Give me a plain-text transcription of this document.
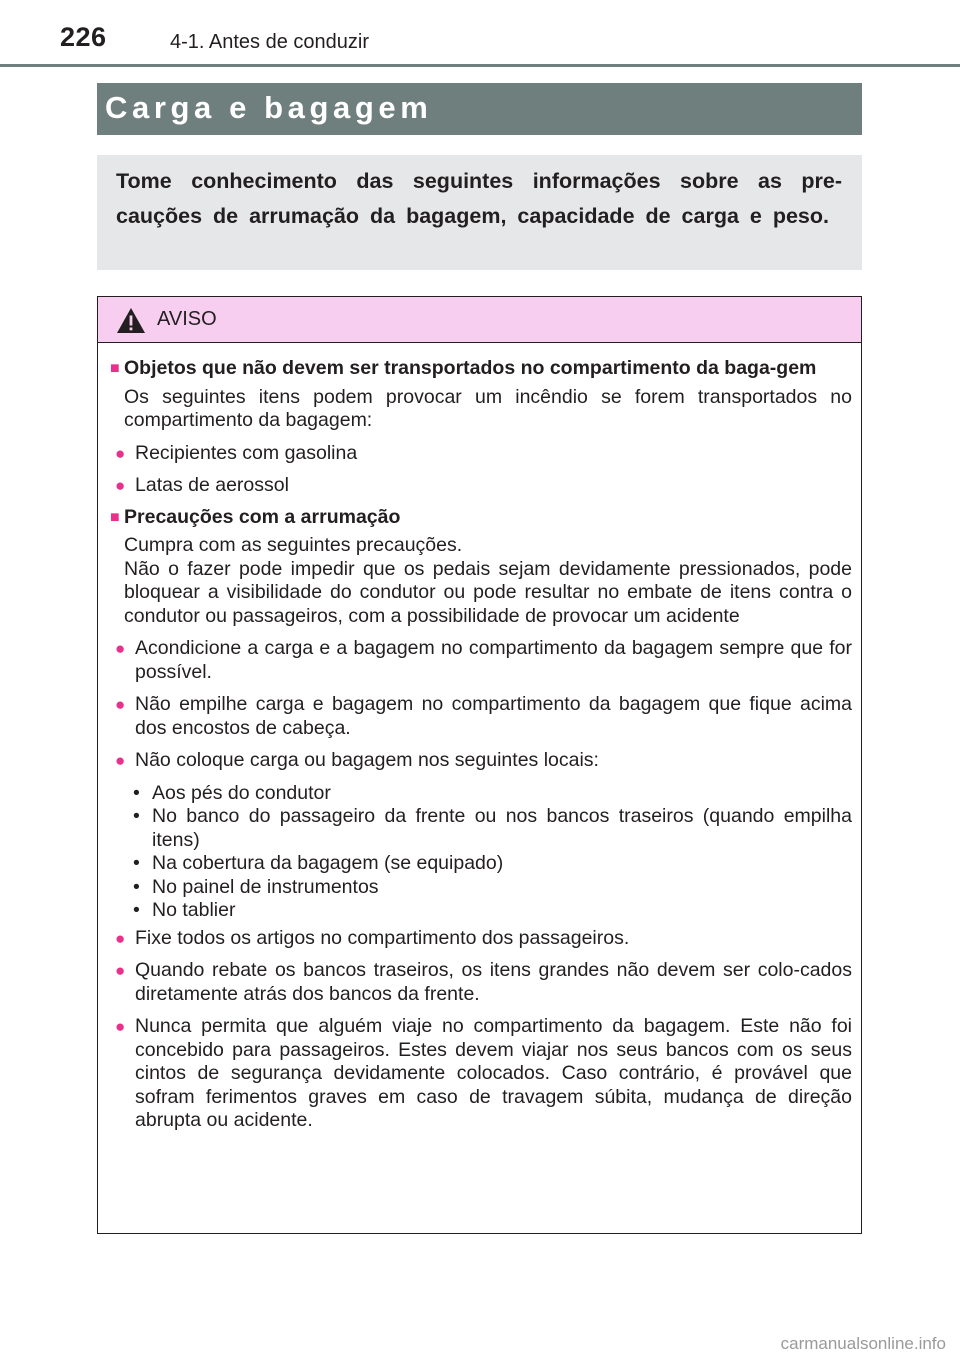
226	4-1. Antes de conduzir
Carga e bagagem
Tome conhecimento das seguintes informações sobre as pre-cauções de arrumação da bagagem, capacidade de carga e peso.
AVISO
■ Objetos que não devem ser transportados no compartimento da baga-gem
Os seguintes itens podem provocar um incêndio se forem transportados no compartimento da bagagem:
● Recipientes com gasolina
● Latas de aerossol
■ Precauções com a arrumação

Cumpra com as seguintes precauções.

Não o fazer pode impedir que os pedais sejam devidamente pressionados, pode bloquear a visibilidade do condutor ou pode resultar no embate de itens contra o condutor ou passageiros, com a possibilidade de provocar um acidente

● Acondicione a carga e a bagagem no compartimento da bagagem sempre que for possível.
● Não empilhe carga e bagagem no compartimento da bagagem que fique acima dos encostos de cabeça.
● Não coloque carga ou bagagem nos seguintes locais:
• Aos pés do condutor
• No banco do passageiro da frente ou nos bancos traseiros (quando empilha itens)
• Na cobertura da bagagem (se equipado)
• No painel de instrumentos
• No tablier
● Fixe todos os artigos no compartimento dos passageiros.
● Quando rebate os bancos traseiros, os itens grandes não devem ser colo-cados diretamente atrás dos bancos da frente.
● Nunca permita que alguém viaje no compartimento da bagagem. Este não foi concebido para passageiros. Estes devem viajar nos seus bancos com os seus cintos de segurança devidamente colocados. Caso contrário, é provável que sofram ferimentos graves em caso de travagem súbita, mudança de direção abrupta ou acidente.
carmanualsonline.info
